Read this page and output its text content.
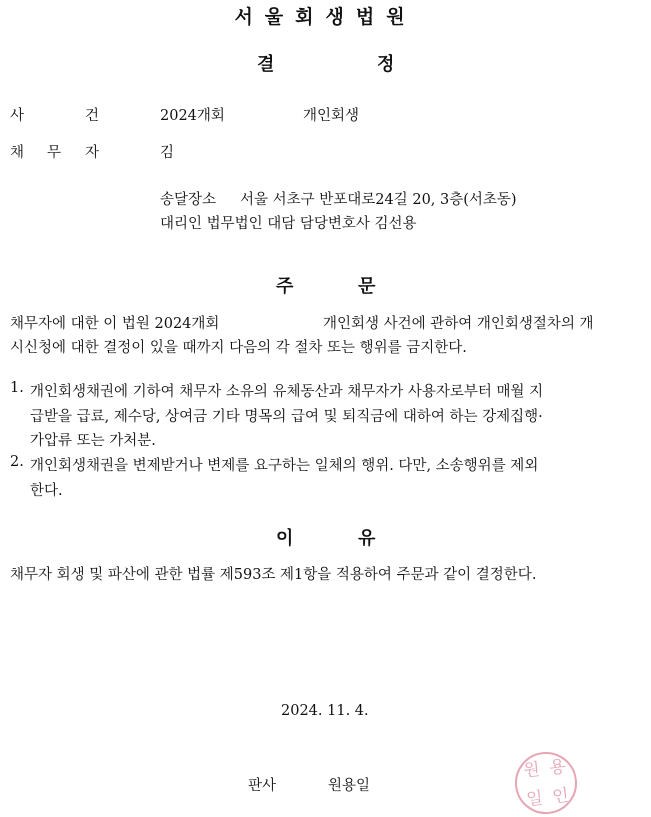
서울회생법원
결	정
사	건	2024개회	개인회생
채 무 자	김
송달장소 서울 서초구 반포대로24길 20, 3층(서초동)
대리인 법무법인 대담 담당변호사 김선용
주	문
채무자에 대한 이 법원 2024개회	개인회생 사건에 관하여 개인회생절차의 개
시신청에 대한 결정이 있을 때까지 다음의 각 절차 또는 행위를 금지한다.
1. 개인회생채권에 기하여 채무자 소유의 유체동산과 채무자가 사용자로부터 매월 지
급받을 급료, 제수당, 상여금 기타 명목의 급여 및 퇴직금에 대하여 하는 강제집행·
가압류 또는 가처분.
2. 개인회생채권을 변제받거나 변제를 요구하는 일체의 행위. 다만, 소송행위를 제외
한다.
이	유
채무자 회생 및 파산에 관한 법률 제593조 제1항을 적용하여 주문과 같이 결정한다.
2024. 11. 4.
판사	원용일
원 용
일 인
